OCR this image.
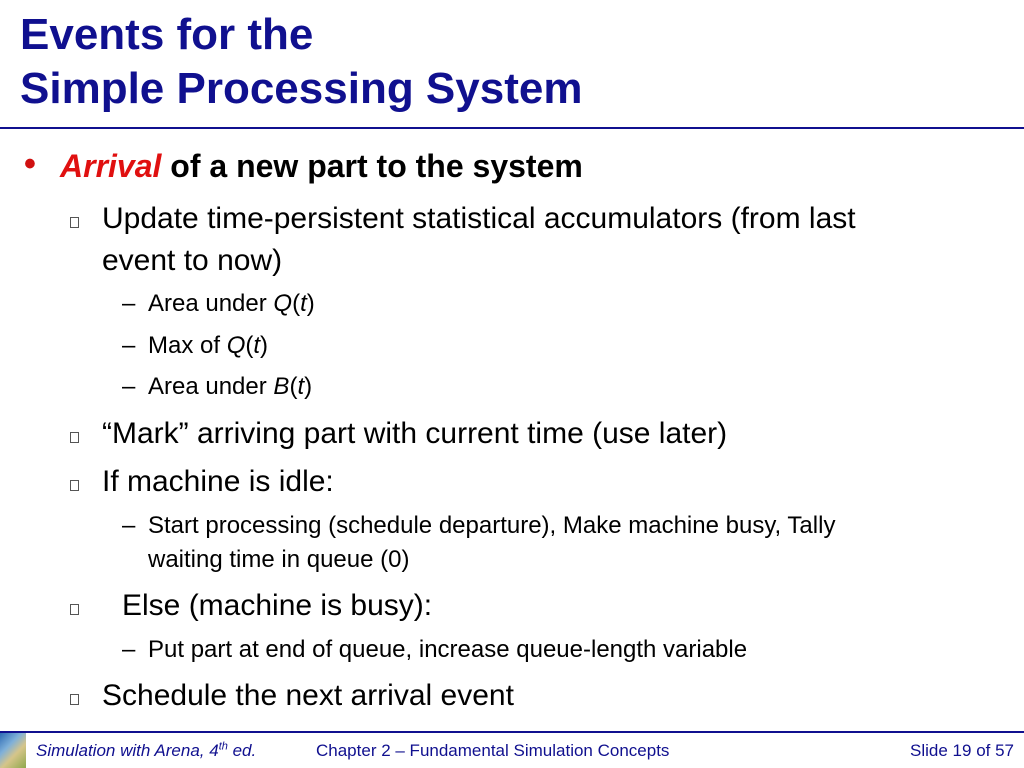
Events for the
Simple Processing System
• Arrival of a new part to the system
Update time-persistent statistical accumulators (from last
event to now)
– Area under Q(t)
– Max of Q(t)
– Area under B(t)
“Mark” arriving part with current time (use later)
If machine is idle:
– Start processing (schedule departure), Make machine busy, Tally
waiting time in queue (0)
Else (machine is busy):
– Put part at end of queue, increase queue-length variable
Schedule the next arrival event
Simulation with Arena, 4th ed.	Chapter 2 – Fundamental Simulation Concepts	Slide 19 of 57
